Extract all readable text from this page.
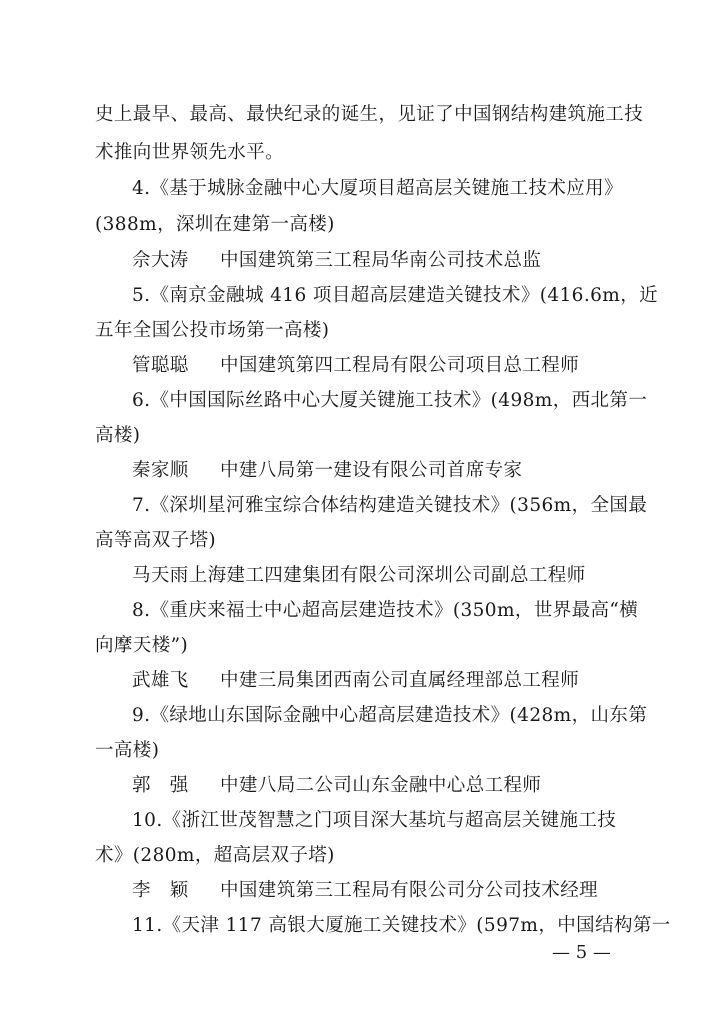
史上最早、最高、最快纪录的诞生，见证了中国钢结构建筑施工技
术推向世界领先水平。
4.《基于城脉金融中心大厦项目超高层关键施工技术应用》
(388m，深圳在建第一高楼)
佘大涛 中国建筑第三工程局华南公司技术总监
5.《南京金融城 416 项目超高层建造关键技术》(416.6m，近
五年全国公投市场第一高楼)
管聪聪 中国建筑第四工程局有限公司项目总工程师
6.《中国国际丝路中心大厦关键施工技术》(498m，西北第一
高楼)
秦家顺 中建八局第一建设有限公司首席专家
7.《深圳星河雅宝综合体结构建造关键技术》(356m，全国最
高等高双子塔)
马天雨上海建工四建集团有限公司深圳公司副总工程师
8.《重庆来福士中心超高层建造技术》(350m，世界最高“横
向摩天楼”)
武雄飞 中建三局集团西南公司直属经理部总工程师
9.《绿地山东国际金融中心超高层建造技术》(428m，山东第
一高楼)
郭　强 中建八局二公司山东金融中心总工程师
10.《浙江世茂智慧之门项目深大基坑与超高层关键施工技
术》(280m，超高层双子塔)
李　颖 中国建筑第三工程局有限公司分公司技术经理
11.《天津 117 高银大厦施工关键技术》(597m，中国结构第一
— 5 —
